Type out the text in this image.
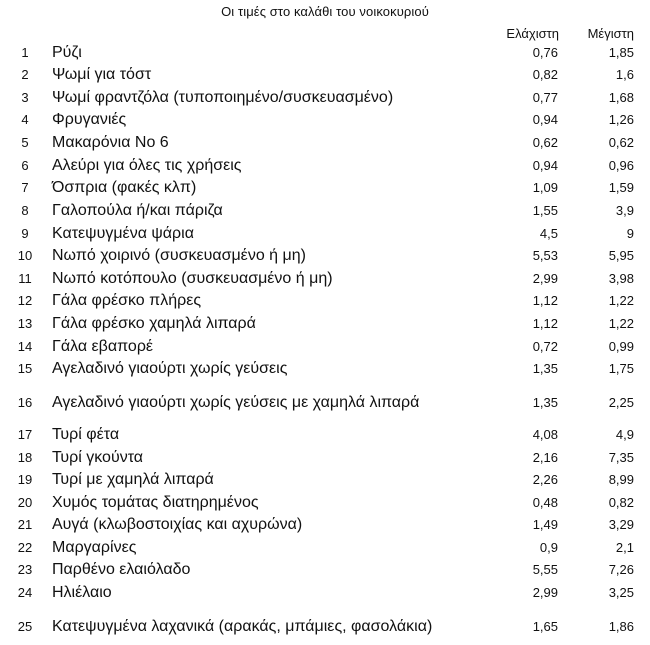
Οι τιμές στο καλάθι του νοικοκυριού
Ελάχιστη Μέγιστη
1	Ρύζι	0,76	1,85
2	Ψωμί για τόστ	0,82	1,6
3	Ψωμί φραντζόλα (τυποποιημένο/συσκευασμένο)	0,77	1,68
4	Φρυγανιές	0,94	1,26
5	Μακαρόνια Νο 6	0,62	0,62
6	Αλεύρι για όλες τις χρήσεις	0,94	0,96
7	Όσπρια (φακές κλπ)	1,09	1,59
8	Γαλοπούλα ή/και πάριζα	1,55	3,9
9	Κατεψυγμένα ψάρια	4,5	9
10	Νωπό χοιρινό (συσκευασμένο ή μη)	5,53	5,95
11	Νωπό κοτόπουλο (συσκευασμένο ή μη)	2,99	3,98
12	Γάλα φρέσκο πλήρες	1,12	1,22
13	Γάλα φρέσκο χαμηλά λιπαρά	1,12	1,22
14	Γάλα εβαπορέ	0,72	0,99
15	Αγελαδινό γιαούρτι χωρίς γεύσεις	1,35	1,75
16	Αγελαδινό γιαούρτι χωρίς γεύσεις με χαμηλά λιπαρά	1,35	2,25
17	Τυρί φέτα	4,08	4,9
18	Τυρί γκούντα	2,16	7,35
19	Τυρί με χαμηλά λιπαρά	2,26	8,99
20	Χυμός τομάτας διατηρημένος	0,48	0,82
21	Αυγά (κλωβοστοιχίας και αχυρώνα)	1,49	3,29
22	Μαργαρίνες	0,9	2,1
23	Παρθένο ελαιόλαδο	5,55	7,26
24	Ηλιέλαιο	2,99	3,25
25	Κατεψυγμένα λαχανικά (αρακάς, μπάμιες, φασολάκια)	1,65	1,86
